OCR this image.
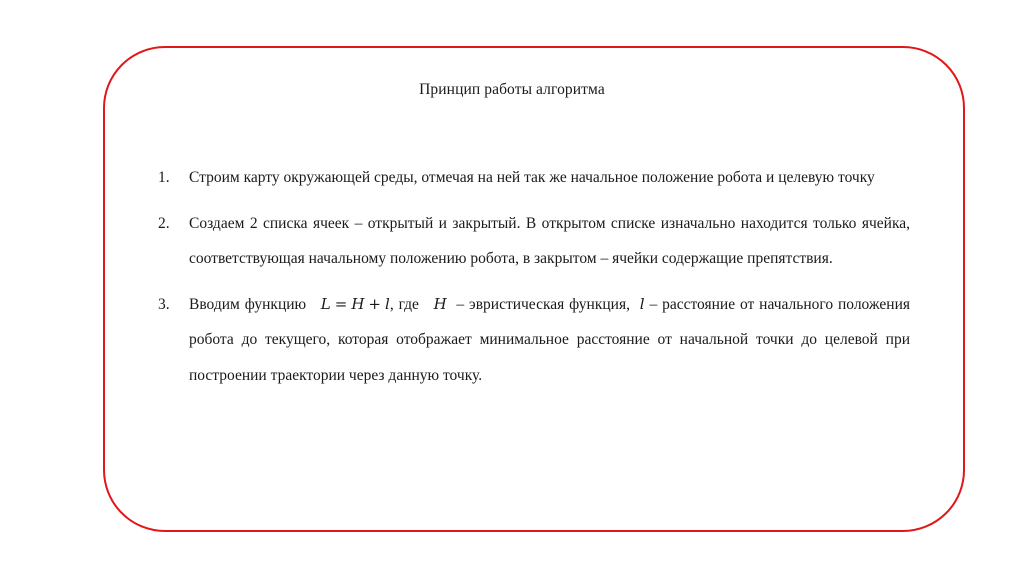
Принцип работы алгоритма
1. Строим карту окружающей среды, отмечая на ней так же начальное положение робота и целевую точку
2. Создаем 2 списка ячеек – открытый и закрытый. В открытом списке изначально находится только ячейка, соответствующая начальному положению робота, в закрытом – ячейки содержащие препятствия.
3. Вводим функцию L = H + l, где H – эвристическая функция, l – расстояние от начального положения робота до текущего, которая отображает минимальное расстояние от начальной точки до целевой при построении траектории через данную точку.
